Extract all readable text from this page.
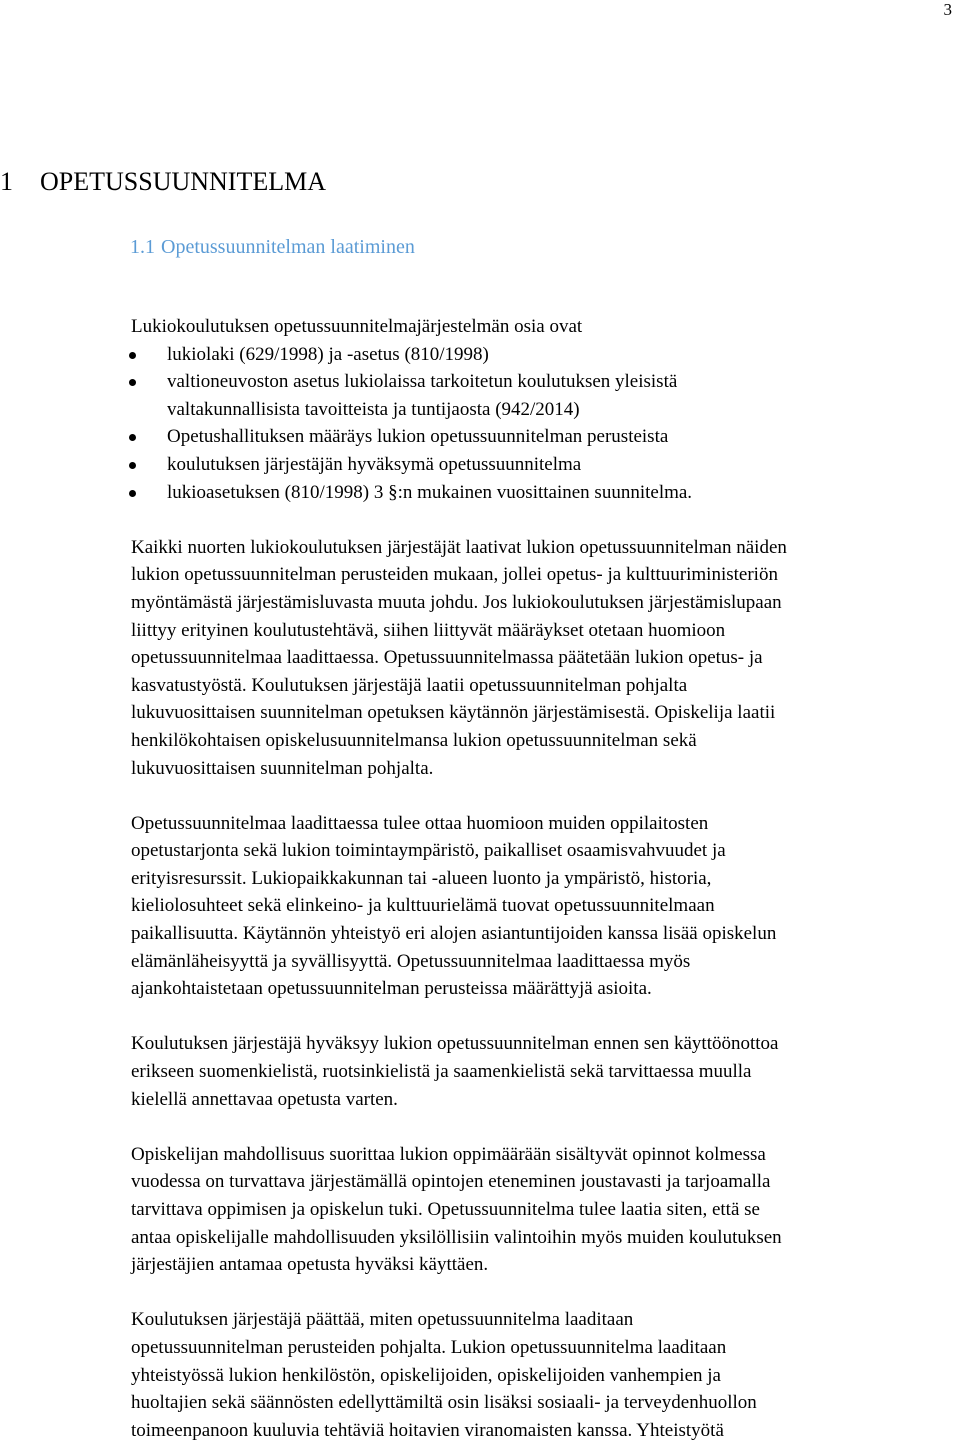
3
1 OPETUSSUUNNITELMA
1.1 Opetussuunnitelman laatiminen

Lukiokoulutuksen opetussuunnitelmajärjestelmän osia ovat

lukiolaki (629/1998) ja -asetus (810/1998)
valtioneuvoston asetus lukiolaissa tarkoitetun koulutuksen yleisistä
valtakunnallisista tavoitteista ja tuntijaosta (942/2014)
Opetushallituksen määräys lukion opetussuunnitelman perusteista
koulutuksen järjestäjän hyväksymä opetussuunnitelma
lukioasetuksen (810/1998) 3 §:n mukainen vuosittainen suunnitelma.

Kaikki nuorten lukiokoulutuksen järjestäjät laativat lukion opetussuunnitelman näiden
lukion opetussuunnitelman perusteiden mukaan, jollei opetus- ja kulttuuriministeriön
myöntämästä järjestämisluvasta muuta johdu. Jos lukiokoulutuksen järjestämislupaan
liittyy erityinen koulutustehtävä, siihen liittyvät määräykset otetaan huomioon
opetussuunnitelmaa laadittaessa. Opetussuunnitelmassa päätetään lukion opetus- ja
kasvatustyöstä. Koulutuksen järjestäjä laatii opetussuunnitelman pohjalta
lukuvuosittaisen suunnitelman opetuksen käytännön järjestämisestä. Opiskelija laatii
henkilökohtaisen opiskelusuunnitelmansa lukion opetussuunnitelman sekä
lukuvuosittaisen suunnitelman pohjalta.

Opetussuunnitelmaa laadittaessa tulee ottaa huomioon muiden oppilaitosten
opetustarjonta sekä lukion toimintaympäristö, paikalliset osaamisvahvuudet ja
erityisresurssit. Lukiopaikkakunnan tai -alueen luonto ja ympäristö, historia,
kieliolosuhteet sekä elinkeino- ja kulttuurielämä tuovat opetussuunnitelmaan
paikallisuutta. Käytännön yhteistyö eri alojen asiantuntijoiden kanssa lisää opiskelun
elämänläheisyyttä ja syvällisyyttä. Opetussuunnitelmaa laadittaessa myös
ajankohtaistetaan opetussuunnitelman perusteissa määrättyjä asioita.

Koulutuksen järjestäjä hyväksyy lukion opetussuunnitelman ennen sen käyttöönottoa
erikseen suomenkielistä, ruotsinkielistä ja saamenkielistä sekä tarvittaessa muulla
kielellä annettavaa opetusta varten.

Opiskelijan mahdollisuus suorittaa lukion oppimäärään sisältyvät opinnot kolmessa
vuodessa on turvattava järjestämällä opintojen eteneminen joustavasti ja tarjoamalla
tarvittava oppimisen ja opiskelun tuki. Opetussuunnitelma tulee laatia siten, että se
antaa opiskelijalle mahdollisuuden yksilöllisiin valintoihin myös muiden koulutuksen
järjestäjien antamaa opetusta hyväksi käyttäen.

Koulutuksen järjestäjä päättää, miten opetussuunnitelma laaditaan
opetussuunnitelman perusteiden pohjalta. Lukion opetussuunnitelma laaditaan
yhteistyössä lukion henkilöstön, opiskelijoiden, opiskelijoiden vanhempien ja
huoltajien sekä säännösten edellyttämiltä osin lisäksi sosiaali- ja terveydenhuollon
toimeenpanoon kuuluvia tehtäviä hoitavien viranomaisten kanssa. Yhteistyötä
